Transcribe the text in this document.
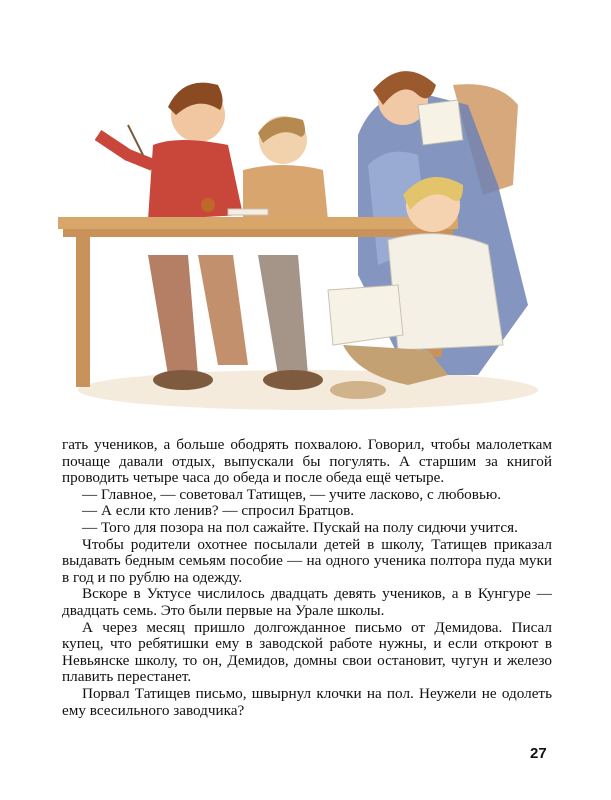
гать учеников, а больше ободрять похвалою. Говорил, чтобы малолеткам почаще давали отдых, выпускали бы погулять. А старшим за книгой проводить четыре часа до обеда и после обеда ещё четыре.

— Главное, — советовал Татищев, — учите ласково, с любовью.

— А если кто ленив? — спросил Братцов.

— Того для позора на пол сажайте. Пускай на полу сидючи учится.

Чтобы родители охотнее посылали детей в школу, Татищев приказал выдавать бедным семьям пособие — на одного ученика полтора пуда муки в год и по рублю на одежду.

Вскоре в Уктусе числилось двадцать девять учеников, а в Кунгуре — двадцать семь. Это были первые на Урале школы.

А через месяц пришло долгожданное письмо от Демидова. Писал купец, что ребятишки ему в заводской работе нужны, и если откроют в Невьянске школу, то он, Демидов, домны свои остановит, чугун и железо плавить перестанет.

Порвал Татищев письмо, швырнул клочки на пол. Неужели не одолеть ему всесильного заводчика?

27
